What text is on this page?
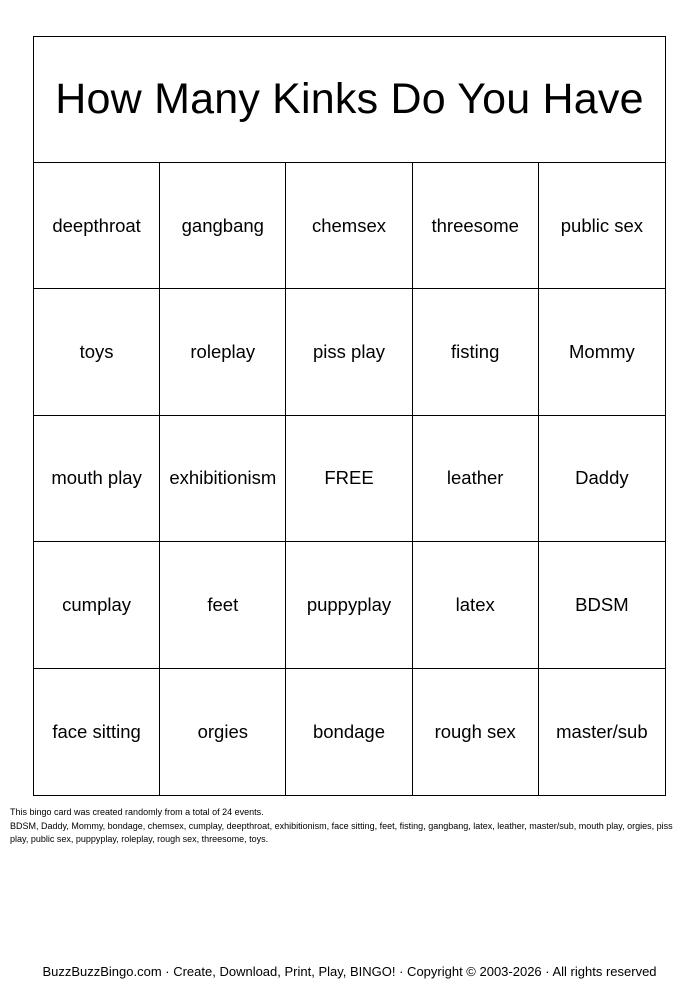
How Many Kinks Do You Have
deepthroat	gangbang	chemsex	threesome	public sex
toys	roleplay	piss play	fisting	Mommy
mouth play	exhibitionism	FREE	leather	Daddy
cumplay	feet	puppyplay	latex	BDSM
face sitting	orgies	bondage	rough sex	master/sub
This bingo card was created randomly from a total of 24 events.
BDSM, Daddy, Mommy, bondage, chemsex, cumplay, deepthroat, exhibitionism, face sitting, feet, fisting, gangbang, latex, leather, master/sub, mouth play, orgies, piss play, public sex, puppyplay, roleplay, rough sex, threesome, toys.
BuzzBuzzBingo.com · Create, Download, Print, Play, BINGO! · Copyright © 2003-2026 · All rights reserved
